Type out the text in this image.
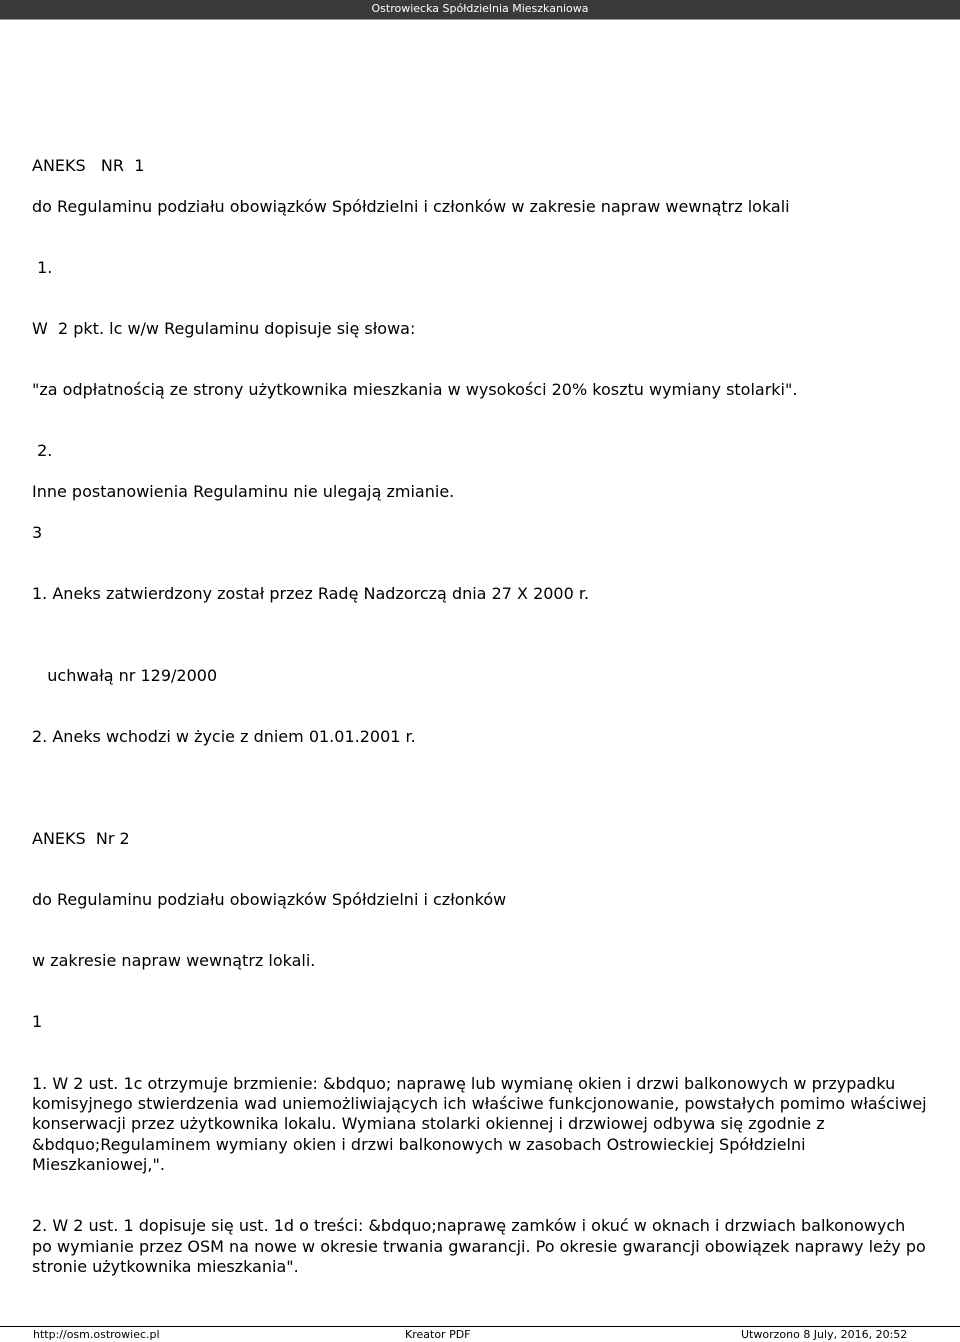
Ostrowiecka Spółdzielnia Mieszkaniowa
ANEKS   NR  1
do Regulaminu podziału obowiązków Spółdzielni i członków w zakresie napraw wewnątrz lokali
1.
W  2 pkt. lc w/w Regulaminu dopisuje się słowa:
"za odpłatnością ze strony użytkownika mieszkania w wysokości 20% kosztu wymiany stolarki".
2.
Inne postanowienia Regulaminu nie ulegają zmianie.
3
1. Aneks zatwierdzony został przez Radę Nadzorczą dnia 27 X 2000 r.
uchwałą nr 129/2000
2. Aneks wchodzi w życie z dniem 01.01.2001 r.
ANEKS  Nr 2
do Regulaminu podziału obowiązków Spółdzielni i członków
w zakresie napraw wewnątrz lokali.
1
1. W 2 ust. 1c otrzymuje brzmienie: &bdquo; naprawę lub wymianę okien i drzwi balkonowych w przypadku komisyjnego stwierdzenia wad uniemożliwiających ich właściwe funkcjonowanie, powstałych pomimo właściwej konserwacji przez użytkownika lokalu. Wymiana stolarki okiennej i drzwiowej odbywa się zgodnie z &bdquo;Regulaminem wymiany okien i drzwi balkonowych w zasobach Ostrowieckiej Spółdzielni Mieszkaniowej,".
2. W 2 ust. 1 dopisuje się ust. 1d o treści: &bdquo;naprawę zamków i okuć w oknach i drzwiach balkonowych po wymianie przez OSM na nowe w okresie trwania gwarancji. Po okresie gwarancji obowiązek naprawy leży po stronie użytkownika mieszkania".
http://osm.ostrowiec.pl	Kreator PDF	Utworzono 8 July, 2016, 20:52
